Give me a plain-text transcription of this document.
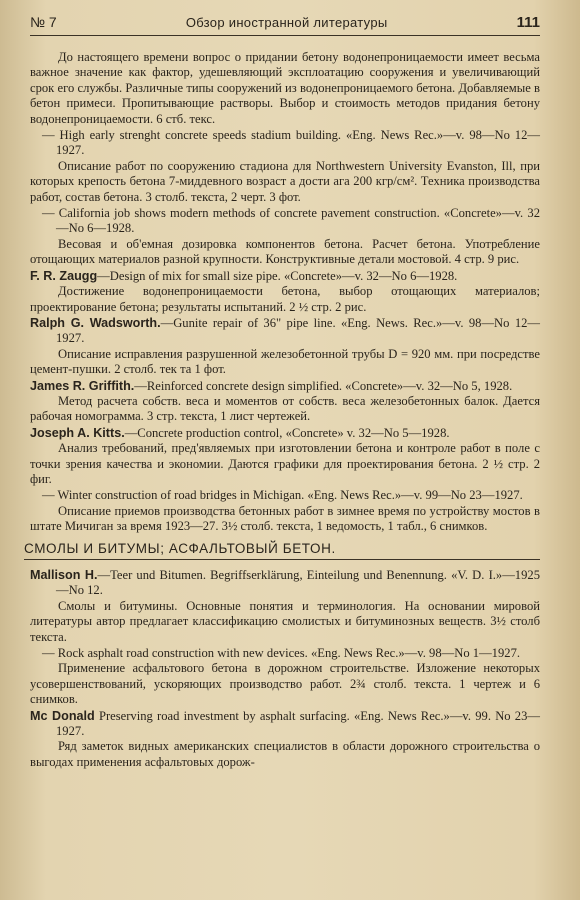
№ 7	Обзор иностранной литературы	111
До настоящего времени вопрос о придании бетону водонепроницаемости имеет весьма важное значение как фактор, удешевляющий эксплоатацию сооружения и увеличивающий срок его службы. Различные типы сооружений из водонепроницаемого бетона. Добавляемые в бетон примеси. Пропитывающие растворы. Выбор и стоимость методов придания бетону водонепроницаемости. 6 стб. текс.
— High early strenght concrete speeds stadium building. «Eng. News Rec.»—v. 98—No 12—1927.
Описание работ по сооружению стадиона для Northwestern University Evanston, Ill, при которых крепость бетона 7-миддевного возраст а дости ага 200 кгр/см². Техника производства работ, состав бетона. 3 столб. текста, 2 черт. 3 фот.
— California job shows modern methods of concrete pavement construction. «Concrete»—v. 32—No 6—1928.
Весовая и об'емная дозировка компонентов бетона. Расчет бетона. Употребление отощающих материалов разной крупности. Конструктивные детали мостовой. 4 стр. 9 рис.
F. R. Zaugg—Design of mix for small size pipe. «Concrete»—v. 32—No 6—1928.
Достижение водонепроницаемости бетона, выбор отощающих материалов; проектирование бетона; результаты испытаний. 2 ½ стр. 2 рис.
Ralph G. Wadsworth.—Gunite repair of 36" pipe line. «Eng. News. Rec.»—v. 98—No 12—1927.
Описание исправления разрушенной железобетонной трубы D = 920 мм. при посредстве цемент-пушки. 2 столб. тек та 1 фот.
James R. Griffith.—Reinforced concrete design simplified. «Concrete»—v. 32—No 5, 1928.
Метод расчета собств. веса и моментов от собств. веса железобетонных балок. Дается рабочая номограмма. 3 стр. текста, 1 лист чертежей.
Joseph A. Kitts.—Concrete production control, «Concrete» v. 32—No 5—1928.
Анализ требований, пред'являемых при изготовлении бетона и контроле работ в поле с точки зрения качества и экономии. Даются графики для проектирования бетона. 2 ½ стр. 2 фиг.
— Winter construction of road bridges in Michigan. «Eng. News Rec.»—v. 99—No 23—1927.
Описание приемов производства бетонных работ в зимнее время по устройству мостов в штате Мичиган за время 1923—27. 3½ столб. текста, 1 ведомость, 1 табл., 6 снимков.
СМОЛЫ И БИТУМЫ; АСФАЛЬТОВЫЙ БЕТОН.
Mallison H.—Teer und Bitumen. Begriffserklärung, Einteilung und Benennung. «V. D. I.»—1925—No 12.
Смолы и битумины. Основные понятия и терминология. На основании мировой литературы автор предлагает классификацию смолистых и битуминозных веществ. 3½ столб текста.
— Rock asphalt road construction with new devices. «Eng. News Rec.»—v. 98—No 1—1927.
Применение асфальтового бетона в дорожном строительстве. Изложение некоторых усовершенствований, ускоряющих производство работ. 2¾ столб. текста. 1 чертеж и 6 снимков.
Mc Donald Preserving road investment by asphalt surfacing. «Eng. News Rec.»—v. 99. No 23—1927.
Ряд заметок видных американских специалистов в области дорожного строительства о выгодах применения асфальтовых дорож-
